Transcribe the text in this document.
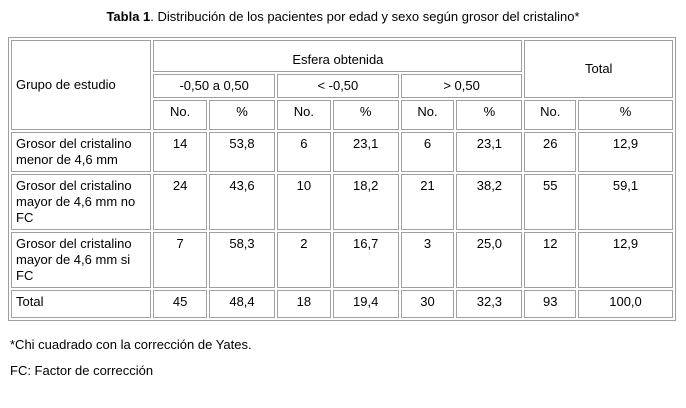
Tabla 1. Distribución de los pacientes por edad y sexo según grosor del cristalino*
Grupo de estudio	Esfera obtenida						Total	
	-0,50 a 0,50		< -0,50		> 0,50			
	No.	%	No.	%	No.	%	No.	%
Grosor del cristalino menor de 4,6 mm	14	53,8	6	23,1	6	23,1	26	12,9
Grosor del cristalino mayor de 4,6 mm no FC	24	43,6	10	18,2	21	38,2	55	59,1
Grosor del cristalino mayor de 4,6 mm si FC	7	58,3	2	16,7	3	25,0	12	12,9
Total	45	48,4	18	19,4	30	32,3	93	100,0

*Chi cuadrado con la corrección de Yates.

FC: Factor de corrección
